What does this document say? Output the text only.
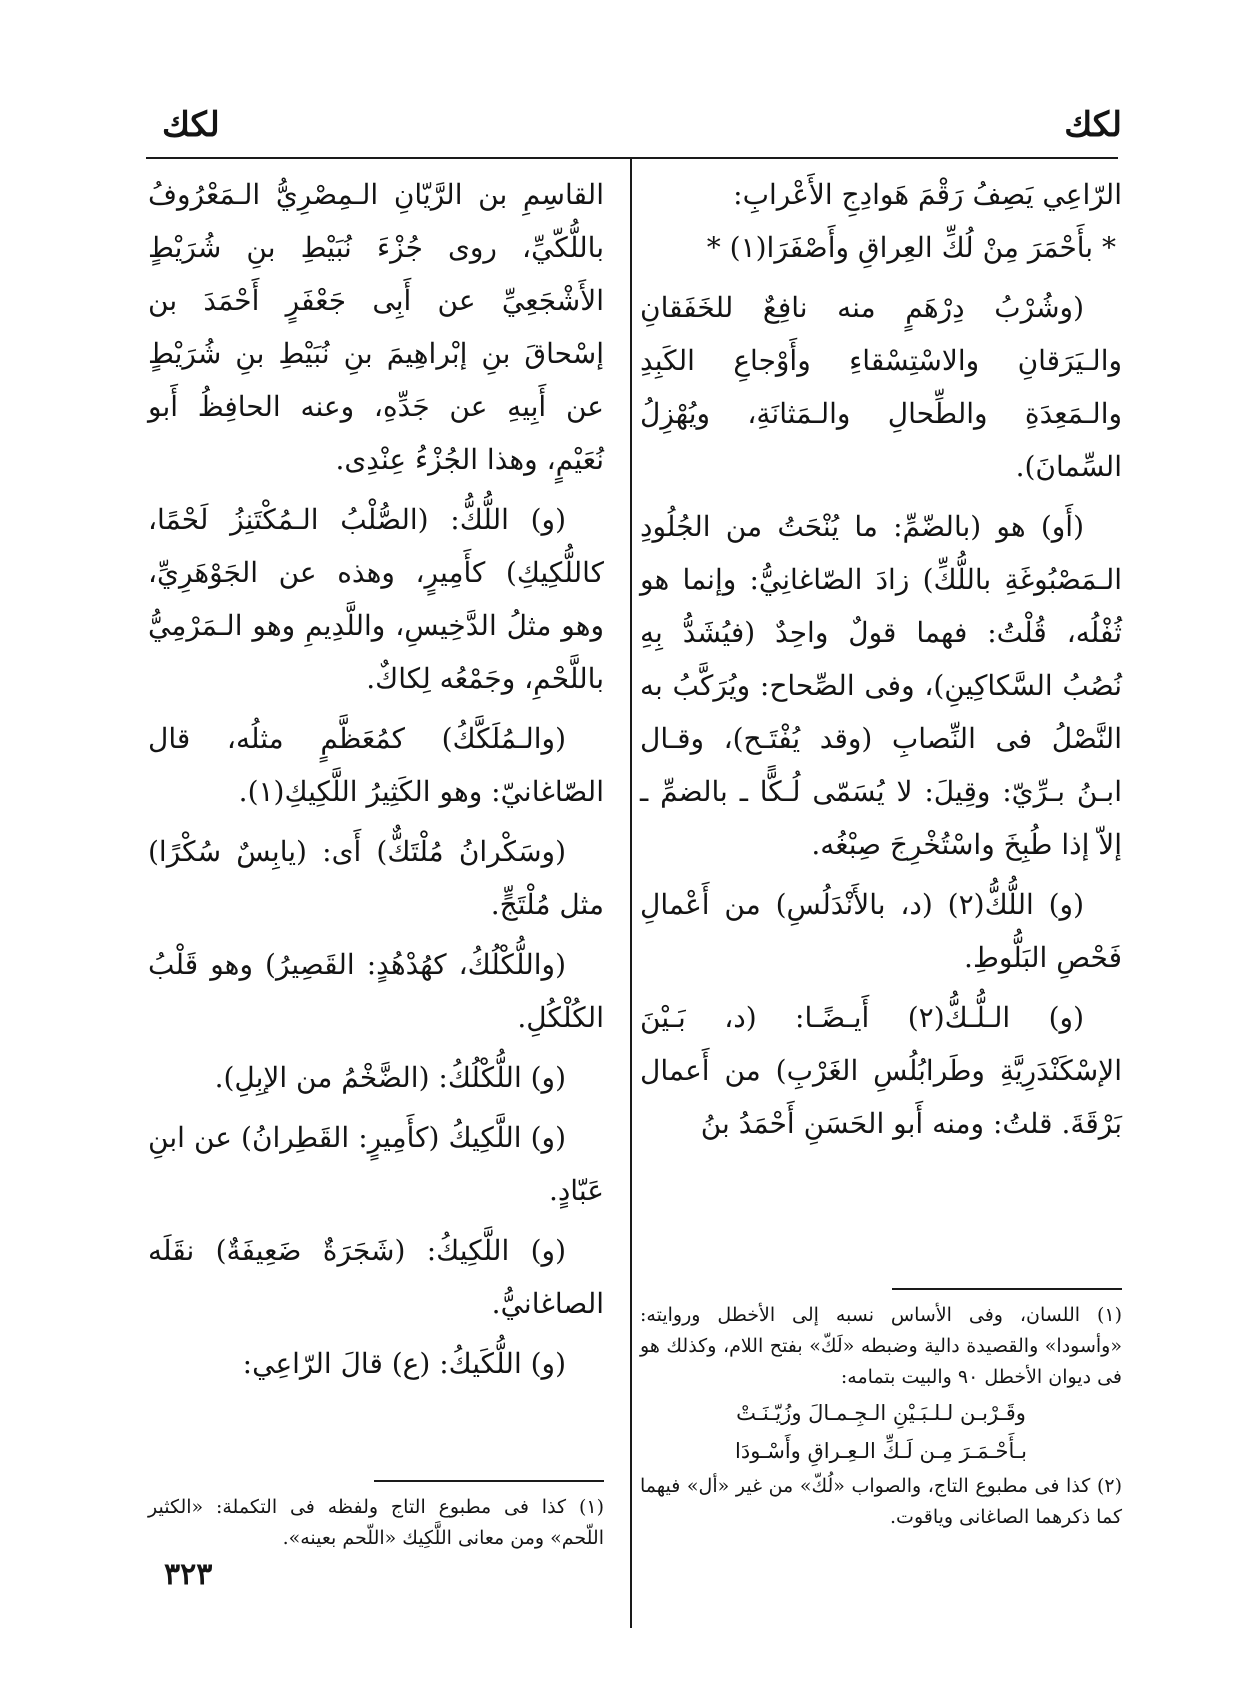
لكك
لكك

الرّاعِي يَصِفُ رَقْمَ هَوادِجِ الأَعْرابِ:

* بأَحْمَرَ مِنْ لُكِّ العِراقِ وأَصْفَرَا(١) *

(وشُرْبُ دِرْهَمٍ منه نافِعٌ للخَفَقانِ والـيَرَقانِ والاسْتِسْقاءِ وأَوْجاعِ الكَبِدِ والـمَعِدَةِ والطِّحالِ والـمَثانَةِ، ويُهْزِلُ السِّمانَ).

(أَو) هو (بالضّمِّ: ما يُنْحَتُ من الجُلُودِ الـمَصْبُوغَةِ باللُّكِّ) زادَ الصّاغانِيُّ: وإنما هو ثُفْلُه، قُلْتُ: فهما قولٌ واحِدٌ (فيُشَدُّ بِهِ نُصُبُ السَّكاكِينِ)، وفى الصِّحاح: ويُرَكَّبُ به النَّصْلُ فى النِّصابِ (وقد يُفْتَـح)، وقـال ابـنُ بـرِّيّ: وقِيلَ: لا يُسَمّى لُـكًّا ـ بالضمِّ ـ إلاّ إذا طُبِخَ واسْتُخْرِجَ صِبْغُه.

(و) اللُّكُّ(٢) (د، بالأَنْدَلُسِ) من أَعْمالِ فَحْصِ البَلُّوطِ.

(و) الـلُّـكُّ(٢) أَيـضًـا: (د، بَـيْنَ الإسْكَنْدَرِيَّةِ وطَرابُلُسِ الغَرْبِ) من أَعمال بَرْقَةَ. قلتُ: ومنه أَبو الحَسَنِ أَحْمَدُ بنُ

القاسِمِ بن الرَّيّانِ الـمِصْرِيُّ الـمَعْرُوفُ باللُّكّيِّ، روى جُزْءَ نُبَيْطِ بنِ شُرَيْطٍ الأَشْجَعِيِّ عن أَبِى جَعْفَرٍ أَحْمَدَ بن إسْحاقَ بنِ إبْراهِيمَ بنِ نُبَيْطِ بنِ شُرَيْطٍ عن أَبِيهِ عن جَدِّهِ، وعنه الحافِظُ أَبو نُعَيْمٍ، وهذا الجُزْءُ عِنْدِى.

(و) اللُّكُّ: (الصُّلْبُ الـمُكْتَنِزُ لَحْمًا، كاللُّكِيكِ) كأَمِيرٍ، وهذه عن الجَوْهَرِيِّ، وهو مثلُ الدَّخِيسِ، واللَّدِيمِ وهو الـمَرْمِيُّ باللَّحْمِ، وجَمْعُه لِكاكٌ.

(والـمُلَكَّكُ) كمُعَظَّمٍ مثلُه، قال الصّاغانيّ: وهو الكَثِيرُ اللَّكِيكِ(١).

(وسَكْرانُ مُلْتَكٌّ) أَى: (يابِسٌ سُكْرًا) مثل مُلْتَجٍّ.

(واللُّكْلُكُ، كهُدْهُدٍ: القَصِيرُ) وهو قَلْبُ الكُلْكُلِ.

(و) اللُّكْلُكُ: (الضَّخْمُ من الإبِلِ).

(و) اللَّكِيكُ (كأَمِيرٍ: القَطِرانُ) عن ابنِ عَبّادٍ.

(و) اللَّكِيكُ: (شَجَرَةٌ ضَعِيفَةٌ) نقَلَه الصاغانيُّ.

(و) اللُّكَيكُ: (ع) قالَ الرّاعِي:

(١) اللسان، وفى الأساس نسبه إلى الأخطل وروايته: «وأسودا» والقصيدة دالية وضبطه «لَكّ» بفتح اللام، وكذلك هو فى ديوان الأخطل ٩٠ والبيت بتمامه:

وقَـرْبـن لـلـبَـيْنِ الـجِـمـالَ وزُيّـنَـتْ

بـأَحْـمَـرَ مِـن لَـكِّ الـعِـراقِ وأَسْـودَا

(٢) كذا فى مطبوع التاج، والصواب «لُكّ» من غير «أل» فيهما كما ذكرهما الصاغانى وياقوت.

(١) كذا فى مطبوع التاج ولفظه فى التكملة: «الكثير اللّحم» ومن معانى اللَّكِيك «اللّحم بعينه».

٣٢٣
